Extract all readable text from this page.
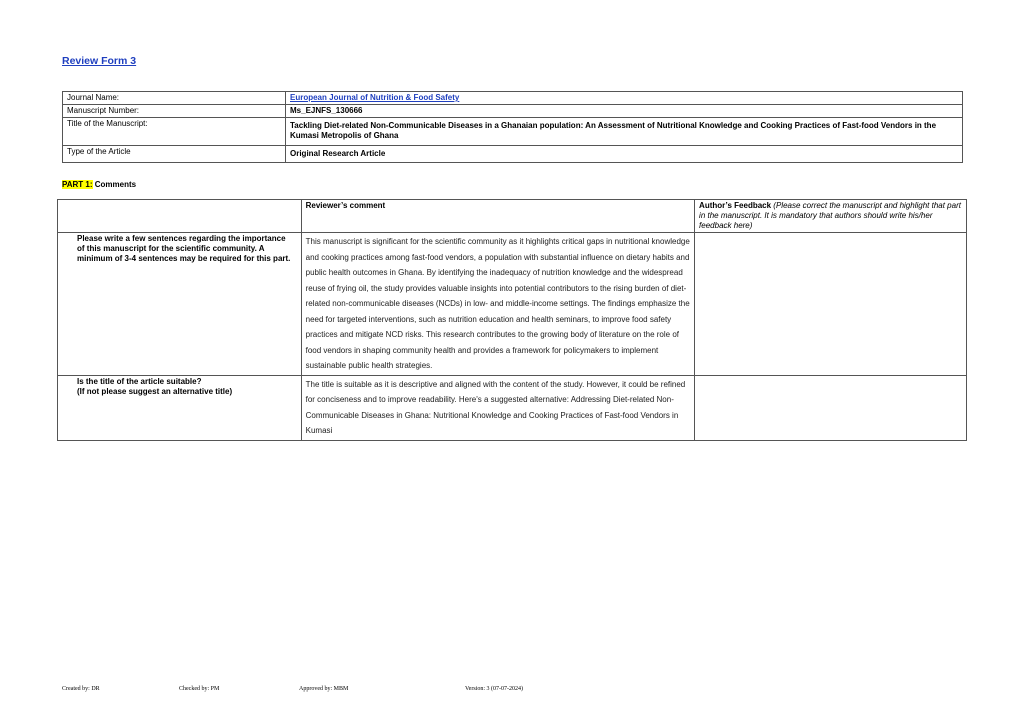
Review Form 3
Journal Name:	European Journal of Nutrition & Food Safety
Manuscript Number:	Ms_EJNFS_130666
Title of the Manuscript:	Tackling Diet-related Non-Communicable Diseases in a Ghanaian population: An Assessment of Nutritional Knowledge and Cooking Practices of Fast-food Vendors in the Kumasi Metropolis of Ghana
Type of the Article	Original Research Article
PART 1: Comments
	Reviewer’s comment	Author’s Feedback (Please correct the manuscript and highlight that part in the manuscript. It is mandatory that authors should write his/her feedback here)
Please write a few sentences regarding the importance of this manuscript for the scientific community. A minimum of 3-4 sentences may be required for this part.	This manuscript is significant for the scientific community as it highlights critical gaps in nutritional knowledge and cooking practices among fast-food vendors, a population with substantial influence on dietary habits and public health outcomes in Ghana. By identifying the inadequacy of nutrition knowledge and the widespread reuse of frying oil, the study provides valuable insights into potential contributors to the rising burden of diet-related non-communicable diseases (NCDs) in low- and middle-income settings. The findings emphasize the need for targeted interventions, such as nutrition education and health seminars, to improve food safety practices and mitigate NCD risks. This research contributes to the growing body of literature on the role of food vendors in shaping community health and provides a framework for policymakers to implement sustainable public health strategies.	

Is the title of the article suitable?
(If not please suggest an alternative title)	The title is suitable as it is descriptive and aligned with the content of the study. However, it could be refined for conciseness and to improve readability. Here's a suggested alternative: Addressing Diet-related Non-Communicable Diseases in Ghana: Nutritional Knowledge and Cooking Practices of Fast-food Vendors in Kumasi	

Created by: DR	Checked by: PM	Approved by: MBM	Version: 3 (07-07-2024)
